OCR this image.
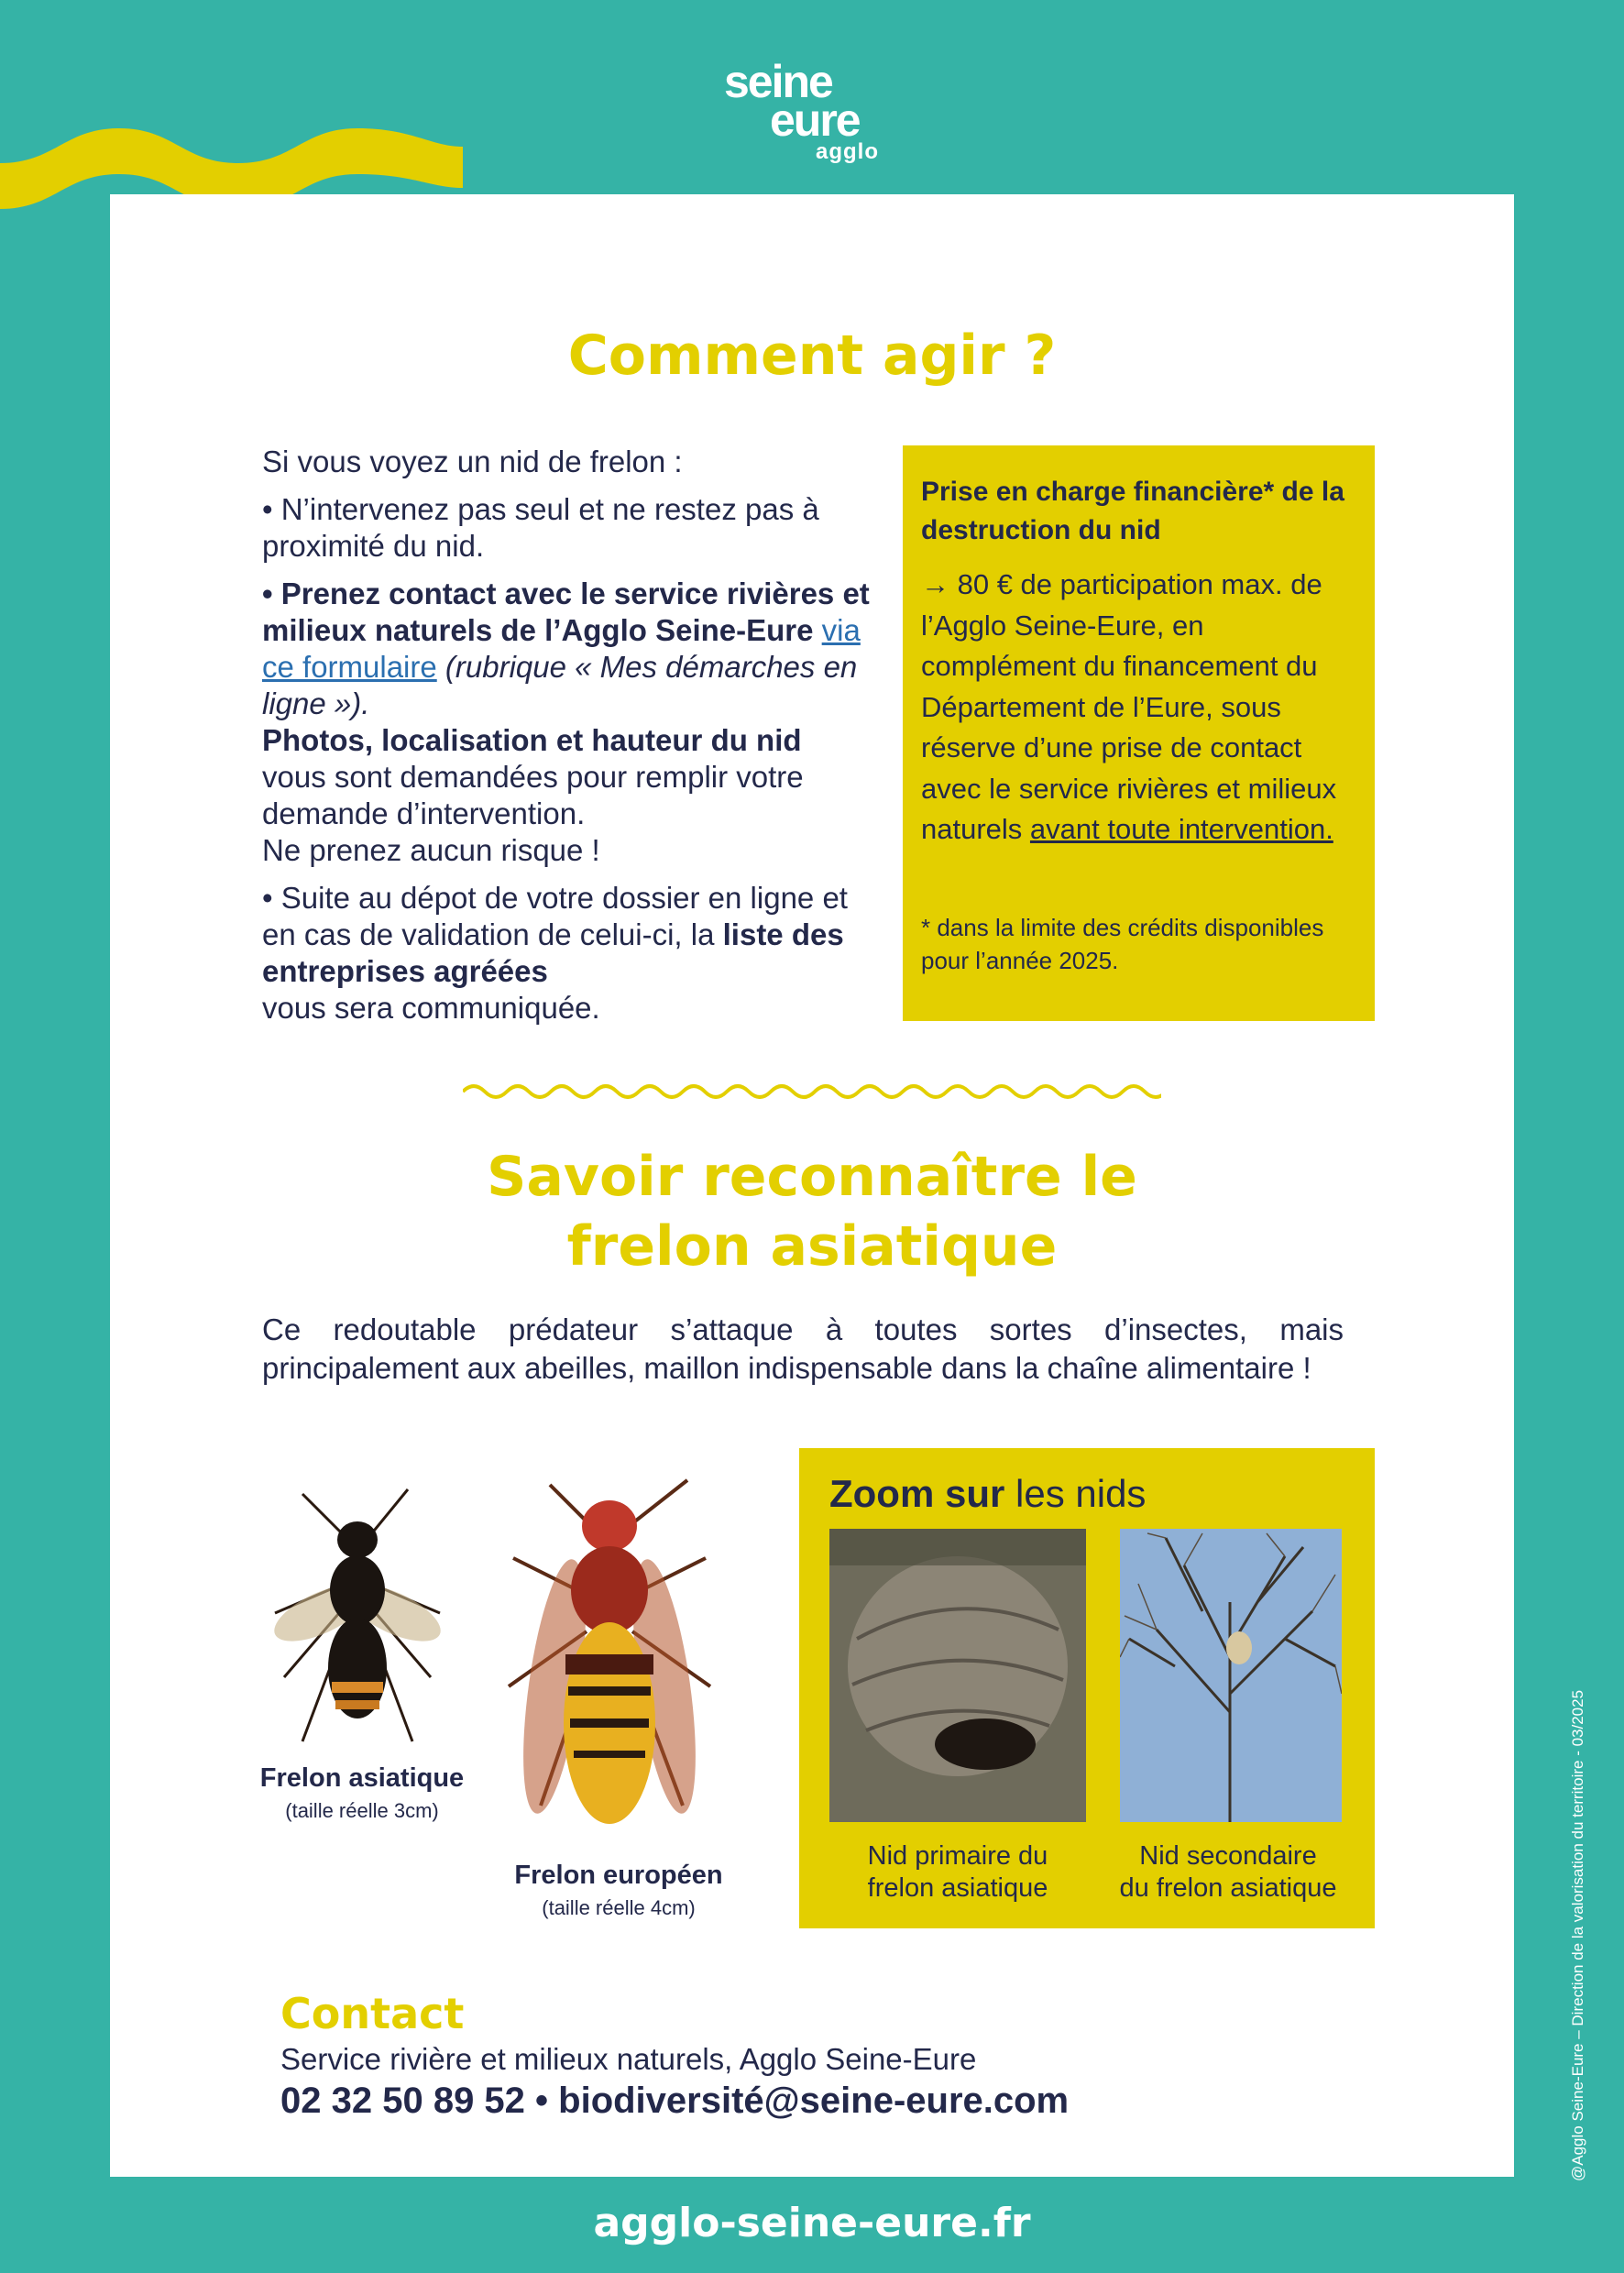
seine
eure
agglo
Comment agir ?

Si vous voyez un nid de frelon :

• N’intervenez pas seul et ne restez pas à proximité du nid.

• Prenez contact avec le service rivières et milieux naturels de l’Agglo Seine-Eure via ce formulaire (rubrique « Mes démarches en ligne »).
Photos, localisation et hauteur du nid
vous sont demandées pour remplir votre demande d’intervention.
Ne prenez aucun risque !

• Suite au dépot de votre dossier en ligne et en cas de validation de celui-ci, la liste des entreprises agréées
vous sera communiquée.

Prise en charge financière* de la destruction du nid
→ 80 € de participation max. de l’Agglo Seine-Eure, en complément du financement du Département de l’Eure, sous réserve d’une prise de contact avec le service rivières et milieux naturels avant toute intervention.
* dans la limite des crédits disponibles pour l’année 2025.
Savoir reconnaître le
frelon asiatique
Ce redoutable prédateur s’attaque à toutes sortes d’insectes, mais principalement aux abeilles, maillon indispensable dans la chaîne alimentaire !
Frelon asiatique
(taille réelle 3cm)
Frelon européen
(taille réelle 4cm)
Zoom sur les nids
Nid primaire du
frelon asiatique
Nid secondaire
du frelon asiatique
Contact
Service rivière et milieux naturels, Agglo Seine-Eure
02 32 50 89 52 • biodiversité@seine-eure.com
agglo-seine-eure.fr
@Agglo Seine-Eure – Direction de la valorisation du territoire - 03/2025
